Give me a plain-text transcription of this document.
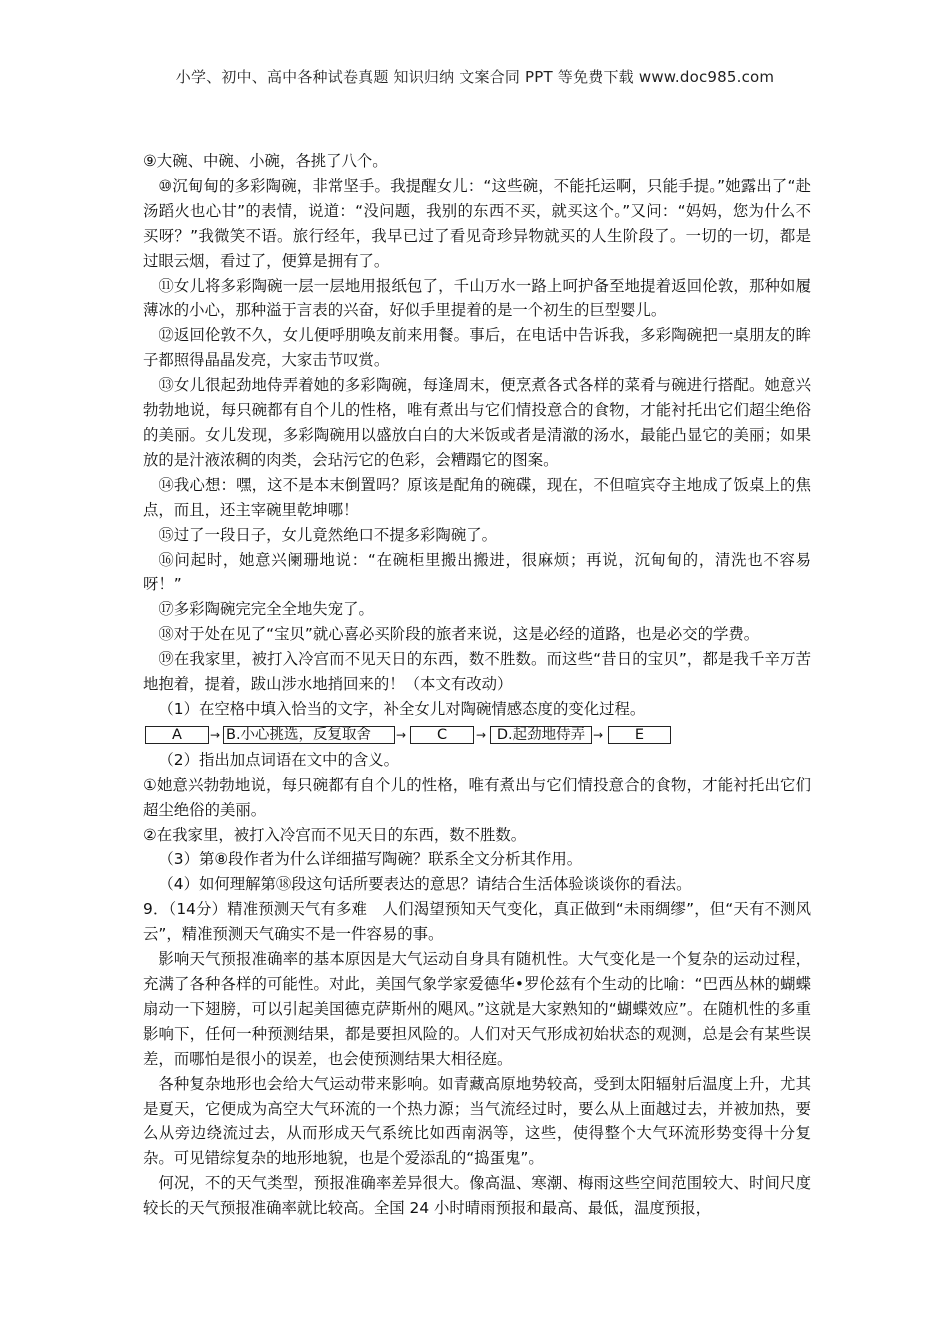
小学、初中、高中各种试卷真题 知识归纳 文案合同 PPT 等免费下载 www.doc985.com

⑨大碗、中碗、小碗，各挑了八个。

⑩沉甸甸的多彩陶碗，非常坚手。我提醒女儿：“这些碗，不能托运啊，只能手提。”她露出了“赴汤蹈火也心甘”的表情，说道：“没问题，我别的东西不买，就买这个。”又问：“妈妈，您为什么不买呀？”我微笑不语。旅行经年，我早已过了看见奇珍异物就买的人生阶段了。一切的一切，都是过眼云烟，看过了，便算是拥有了。

⑪女儿将多彩陶碗一层一层地用报纸包了，千山万水一路上呵护备至地提着返回伦敦，那种如履薄冰的小心，那种溢于言表的兴奋，好似手里提着的是一个初生的巨型婴儿。

⑫返回伦敦不久，女儿便呼朋唤友前来用餐。事后，在电话中告诉我，多彩陶碗把一桌朋友的眸子都照得晶晶发亮，大家击节叹赏。

⑬女儿很起劲地侍弄着她的多彩陶碗，每逢周末，便烹煮各式各样的菜肴与碗进行搭配。她意兴勃勃地说，每只碗都有自个儿的性格，唯有煮出与它们情投意合的食物，才能衬托出它们超尘绝俗的美丽。女儿发现，多彩陶碗用以盛放白白的大米饭或者是清澈的汤水，最能凸显它的美丽；如果放的是汁液浓稠的肉类，会玷污它的色彩，会糟蹋它的图案。

⑭我心想：嘿，这不是本末倒置吗？原该是配角的碗碟，现在，不但喧宾夺主地成了饭桌上的焦点，而且，还主宰碗里乾坤哪！

⑮过了一段日子，女儿竟然绝口不提多彩陶碗了。

⑯问起时，她意兴阑珊地说：“在碗柜里搬出搬进，很麻烦；再说，沉甸甸的，清洗也不容易呀！”

⑰多彩陶碗完完全全地失宠了。

⑱对于处在见了“宝贝”就心喜必买阶段的旅者来说，这是必经的道路，也是必交的学费。

⑲在我家里，被打入冷宫而不见天日的东西，数不胜数。而这些“昔日的宝贝”，都是我千辛万苦地抱着，提着，跋山涉水地捎回来的！（本文有改动）

（1）在空格中填入恰当的文字，补全女儿对陶碗情感态度的变化过程。

A	→ B.小心挑选，反复取舍	→	C	→ D.起劲地侍弄 →	E

（2）指出加点词语在文中的含义。

①她意兴勃勃地说，每只碗都有自个儿的性格，唯有煮出与它们情投意合的食物，才能衬托出它们超尘绝俗的美丽。

②在我家里，被打入冷宫而不见天日的东西，数不胜数。

（3）第⑧段作者为什么详细描写陶碗？联系全文分析其作用。

（4）如何理解第⑱段这句话所要表达的意思？请结合生活体验谈谈你的看法。

9．（14分）精准预测天气有多难　人们渴望预知天气变化，真正做到“未雨绸缪”，但“天有不测风云”，精准预测天气确实不是一件容易的事。

影响天气预报准确率的基本原因是大气运动自身具有随机性。大气变化是一个复杂的运动过程，充满了各种各样的可能性。对此，美国气象学家爱德华•罗伦兹有个生动的比喻：“巴西丛林的蝴蝶扇动一下翅膀，可以引起美国德克萨斯州的飓风。”这就是大家熟知的“蝴蝶效应”。在随机性的多重影响下，任何一种预测结果，都是要担风险的。人们对天气形成初始状态的观测，总是会有某些误差，而哪怕是很小的误差，也会使预测结果大相径庭。

各种复杂地形也会给大气运动带来影响。如青藏高原地势较高，受到太阳辐射后温度上升，尤其是夏天，它便成为高空大气环流的一个热力源；当气流经过时，要么从上面越过去，并被加热，要么从旁边绕流过去，从而形成天气系统比如西南涡等，这些，使得整个大气环流形势变得十分复杂。可见错综复杂的地形地貌，也是个爱添乱的“捣蛋鬼”。

何况，不的天气类型，预报准确率差异很大。像高温、寒潮、梅雨这些空间范围较大、时间尺度较长的天气预报准确率就比较高。全国 24 小时晴雨预报和最高、最低，温度预报，
